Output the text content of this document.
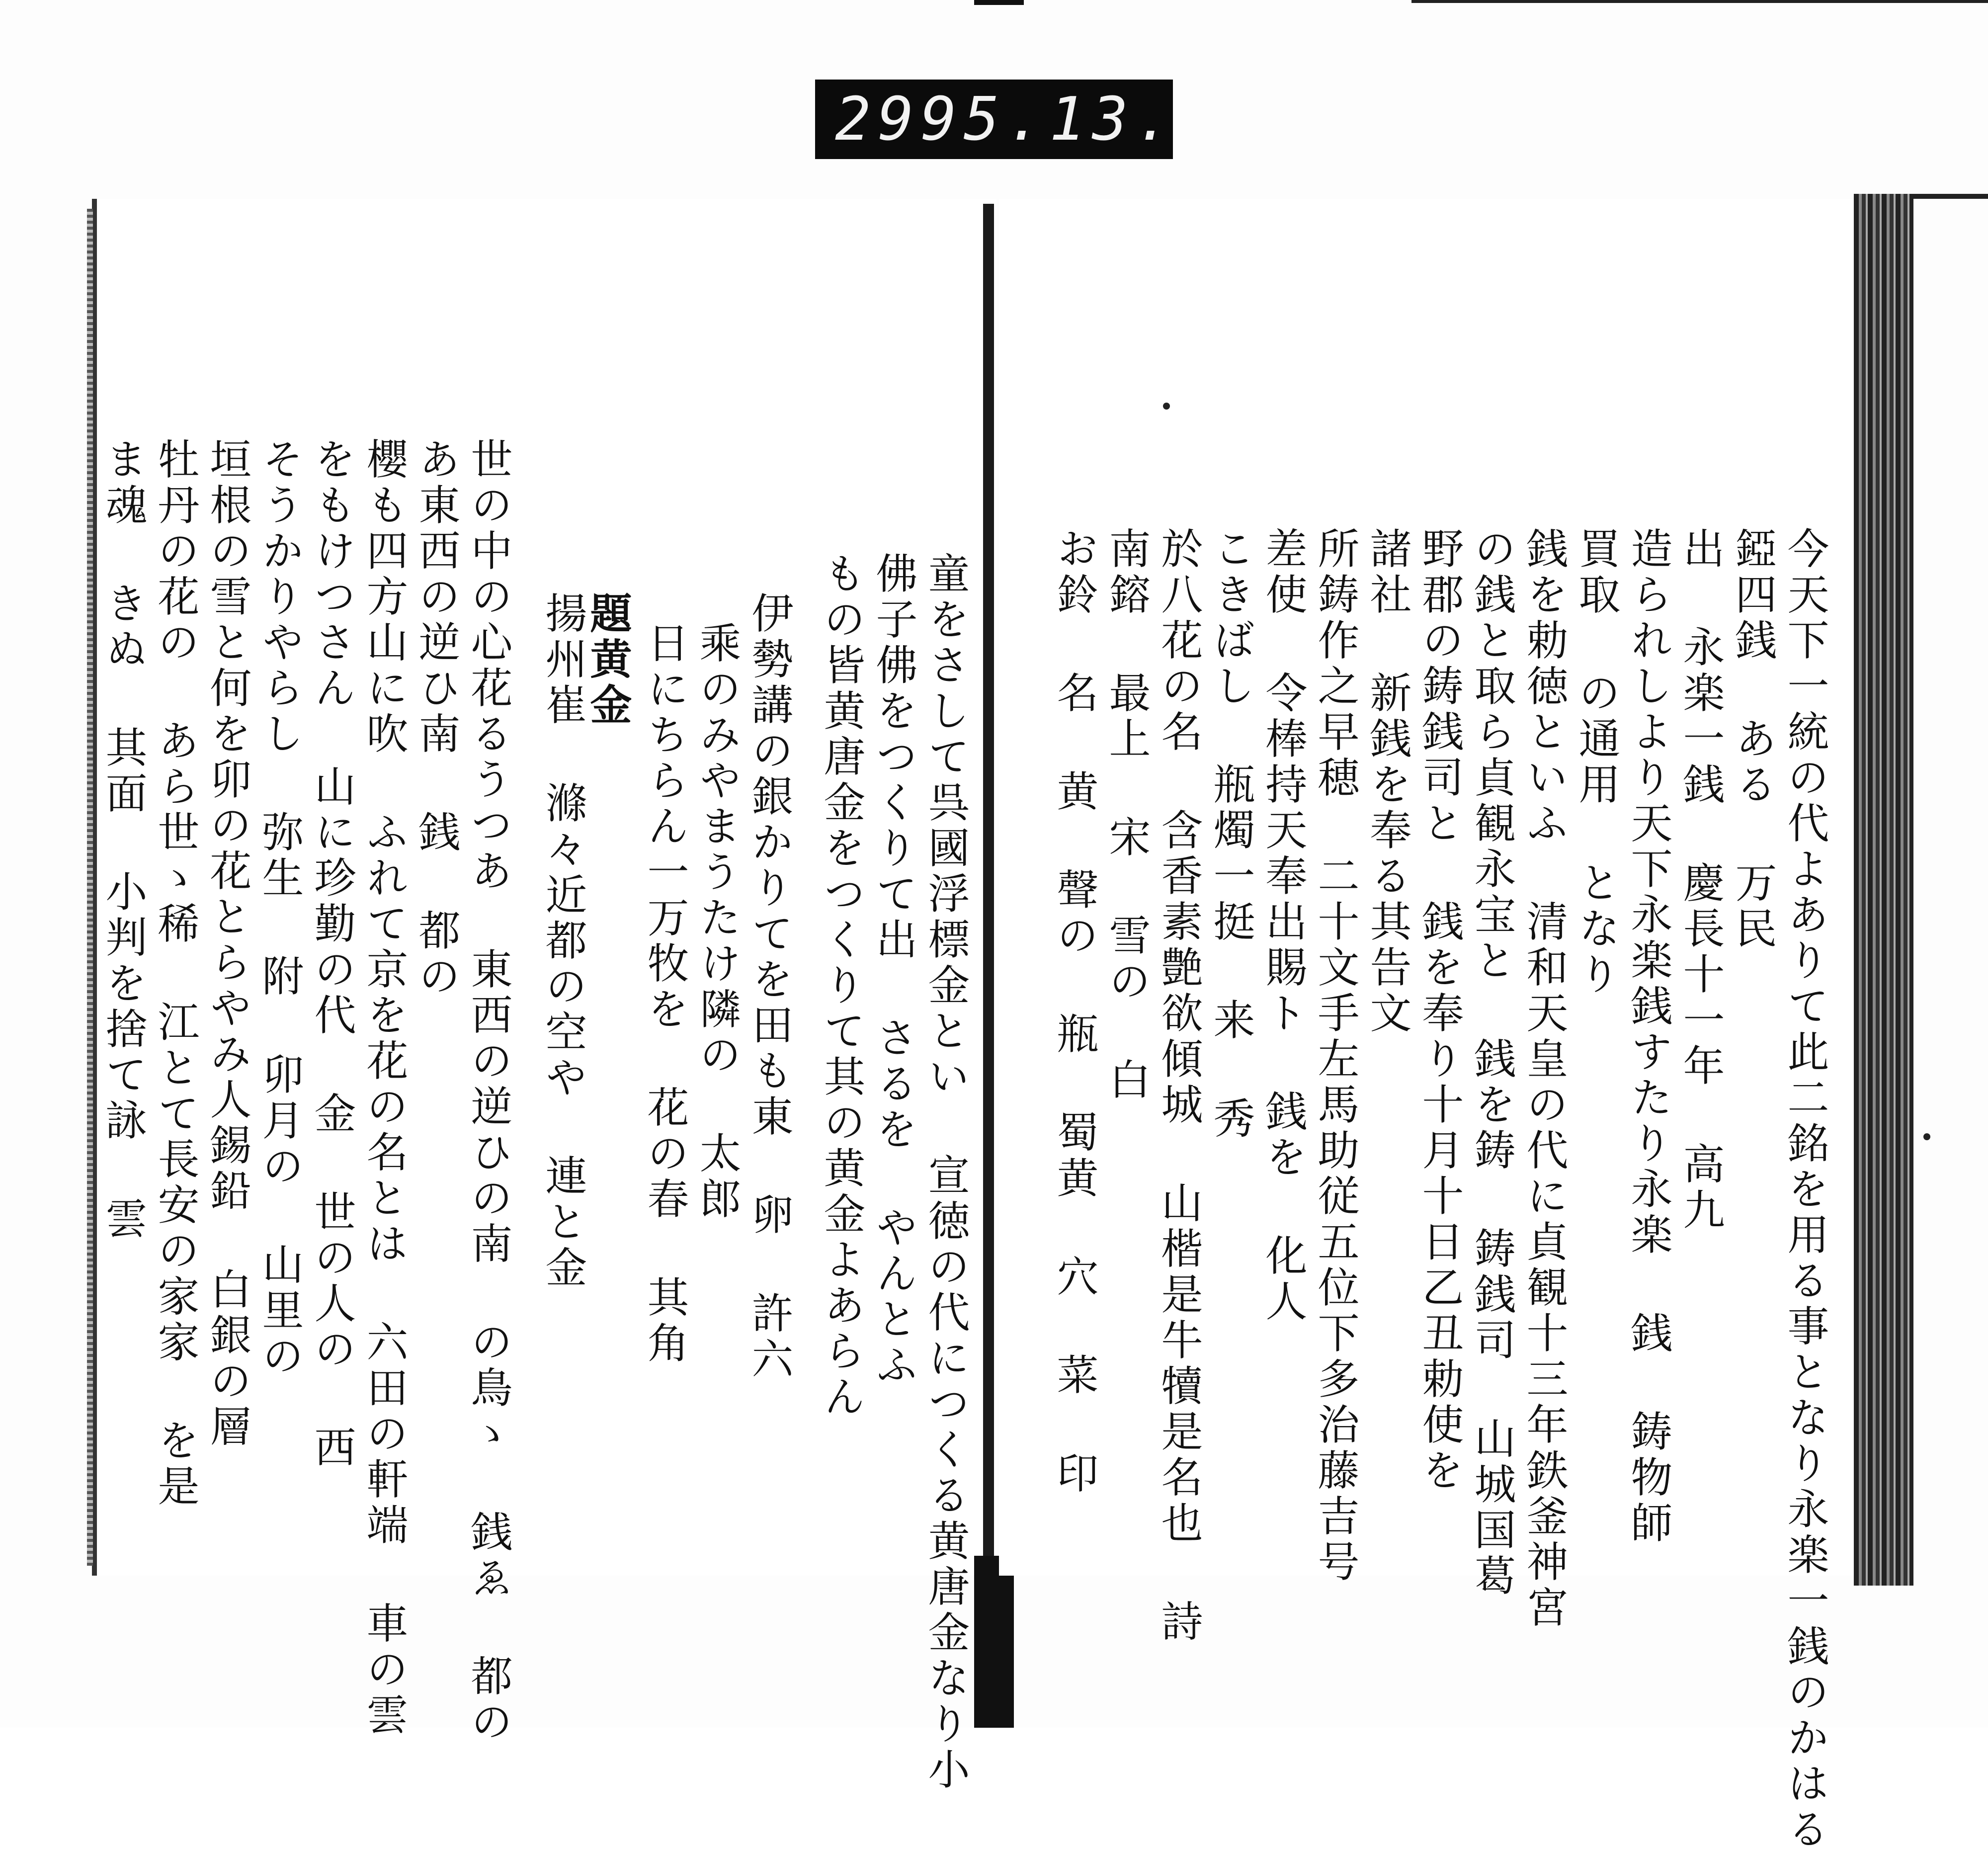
299 5.13.
童をさして呉國浮標金とい 宣徳の代につくる黄唐金なり小
佛子佛をつくりて出 さるを やんとふ
もの皆黄唐金をつくりて其の黄金よあらん
伊勢講の銀かりてを田も東 卵 許六
乘のみやまうたけ隣の 太郎
日にちらん一万牧を 花の春 其角
題黄金
揚州崔 滌々近都の空や 連と金
世の中の心花るうつあ 東西の逆ひの南 の鳥ゝ 銭ゑ 都の
あ東西の逆ひ南 銭 都の
櫻も四方山に吹 ふれて京を花の名とは 六田の軒端 車の雲
をもけつさん 山に珍勤の代 金 世の人の 西
そうかりやらし 弥生 附 卯月の 山里の
垣根の雪と何を卯の花とらやみ人錫鉛 白銀の層
牡丹の花の あら世ゝ稀 江とて長安の家家 を是
ま魂 きぬ 其面 小判を捨て詠 雲	今天下一統の代よありて此二銘を用る事となり永楽一銭のかはる
錏四銭 ある 万民
出 永楽一銭 慶長十一年 高九
造られしより天下永楽銭すたり永楽 銭 鋳物師
買取 の通用 となり
銭を勅徳といふ 清和天皇の代に貞観十三年鉄釜神宮
の銭と取ら貞観永宝と 銭を鋳 鋳銭司 山城国葛
野郡の鋳銭司と 銭を奉り十月十日乙丑勅使を
諸社 新銭を奉る其告文
所鋳作之早穂 二十文手左馬助従五位下多治藤吉号
差使 令棒持天奉出賜ト 銭を 化人
こきばし 瓶燭一挺 来 秀
於八花の名 含香素艶欲傾城 山楷是牛犢是名也 詩
南鎔 最上 宋 雪の 白
お鈴 名 黄 聲の 瓶 蜀黄 穴 菜 印
